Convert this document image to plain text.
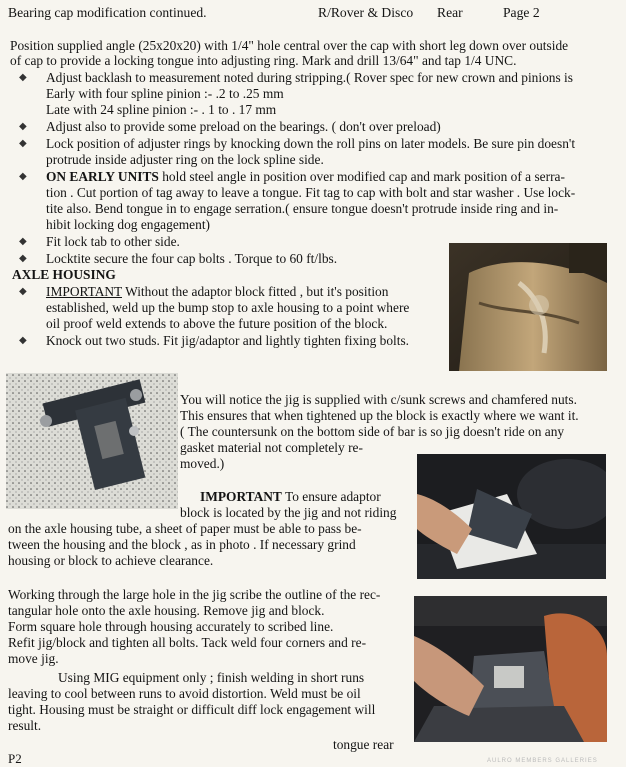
Bearing cap modification continued.	R/Rover & Disco Rear	Page 2
Position supplied angle (25x20x20) with 1/4" hole central over the cap with short leg down over outside
of cap to provide a locking tongue into adjusting ring. Mark and drill 13/64" and tap 1/4 UNC.
◆ Adjust backlash to measurement noted during stripping.( Rover spec for new crown and pinions is
Early with four spline pinion :- .2 to .25 mm
Late with 24 spline pinion :- . 1 to . 17 mm
◆ Adjust also to provide some preload on the bearings. ( don't over preload)
◆ Lock position of adjuster rings by knocking down the roll pins on later models. Be sure pin doesn't
protrude inside adjuster ring on the lock spline side.
◆ ON EARLY UNITS hold steel angle in position over modified cap and mark position of a serra-
tion . Cut portion of tag away to leave a tongue. Fit tag to cap with bolt and star washer . Use lock-
tite also. Bend tongue in to engage serration.( ensure tongue doesn't protrude inside ring and in-
hibit locking dog engagement)
◆ Fit lock tab to other side.
◆ Locktite secure the four cap bolts . Torque to 60 ft/lbs.
AXLE HOUSING
◆ IMPORTANT Without the adaptor block fitted , but it's position
established, weld up the bump stop to axle housing to a point where
oil proof weld extends to above the future position of the block.
◆ Knock out two studs. Fit jig/adaptor and lightly tighten fixing bolts.
You will notice the jig is supplied with c/sunk screws and chamfered nuts.
This ensures that when tightened up the block is exactly where we want it.
( The countersunk on the bottom side of bar is so jig doesn't ride on any
gasket material not completely re-
moved.)
IMPORTANT To ensure adaptor
block is located by the jig and not riding
on the axle housing tube, a sheet of paper must be able to pass be-
tween the housing and the block , as in photo . If necessary grind
housing or block to achieve clearance.
Working through the large hole in the jig scribe the outline of the rec-
tangular hole onto the axle housing. Remove jig and block.
Form square hole through housing accurately to scribed line.
Refit jig/block and tighten all bolts. Tack weld four corners and re-
move jig.
Using MIG equipment only ; finish welding in short runs
leaving to cool between runs to avoid distortion. Weld must be oil
tight. Housing must be straight or difficult diff lock engagement will
result.
tongue rear
P2	AULRO MEMBERS GALLERIES
